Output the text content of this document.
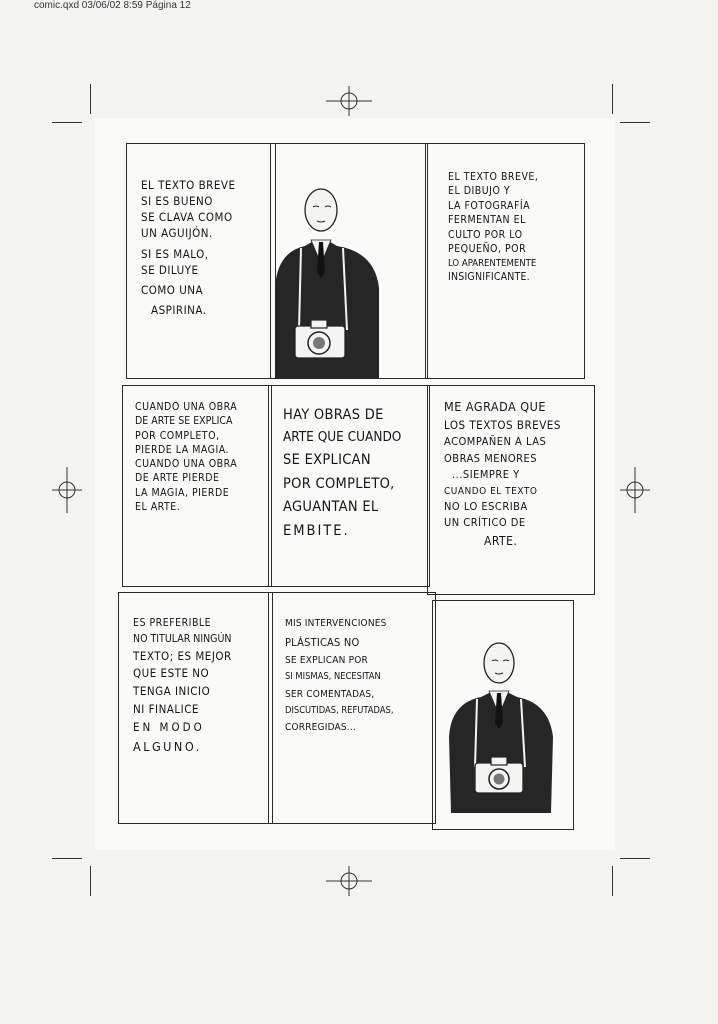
comic.qxd 03/06/02 8:59 Página 12
EL TEXTO BREVE
SI ES BUENO
SE CLAVA COMO
UN AGUIJÓN.
SI ES MALO,
SE DILUYE
COMO UNA
ASPIRINA.
EL TEXTO BREVE,
EL DIBUJO Y
LA FOTOGRAFÍA
FERMENTAN EL
CULTO POR LO
PEQUEÑO, POR
LO APARENTEMENTE
INSIGNIFICANTE.
CUANDO UNA OBRA
DE ARTE SE EXPLICA
POR COMPLETO,
PIERDE LA MAGIA.
CUANDO UNA OBRA
DE ARTE PIERDE
LA MAGIA, PIERDE
EL ARTE.
HAY OBRAS DE
ARTE QUE CUANDO
SE EXPLICAN
POR COMPLETO,
AGUANTAN EL
EMBITE.
ME AGRADA QUE
LOS TEXTOS BREVES
ACOMPAÑEN A LAS
OBRAS MENORES
...SIEMPRE Y
CUANDO EL TEXTO
NO LO ESCRIBA
UN CRÍTICO DE
ARTE.
ES PREFERIBLE
NO TITULAR NINGÚN
TEXTO; ES MEJOR
QUE ESTE NO
TENGA INICIO
NI FINALICE
EN MODO
ALGUNO.
MIS INTERVENCIONES
PLÁSTICAS NO
SE EXPLICAN POR
SI MISMAS, NECESITAN
SER COMENTADAS,
DISCUTIDAS, REFUTADAS,
CORREGIDAS...
